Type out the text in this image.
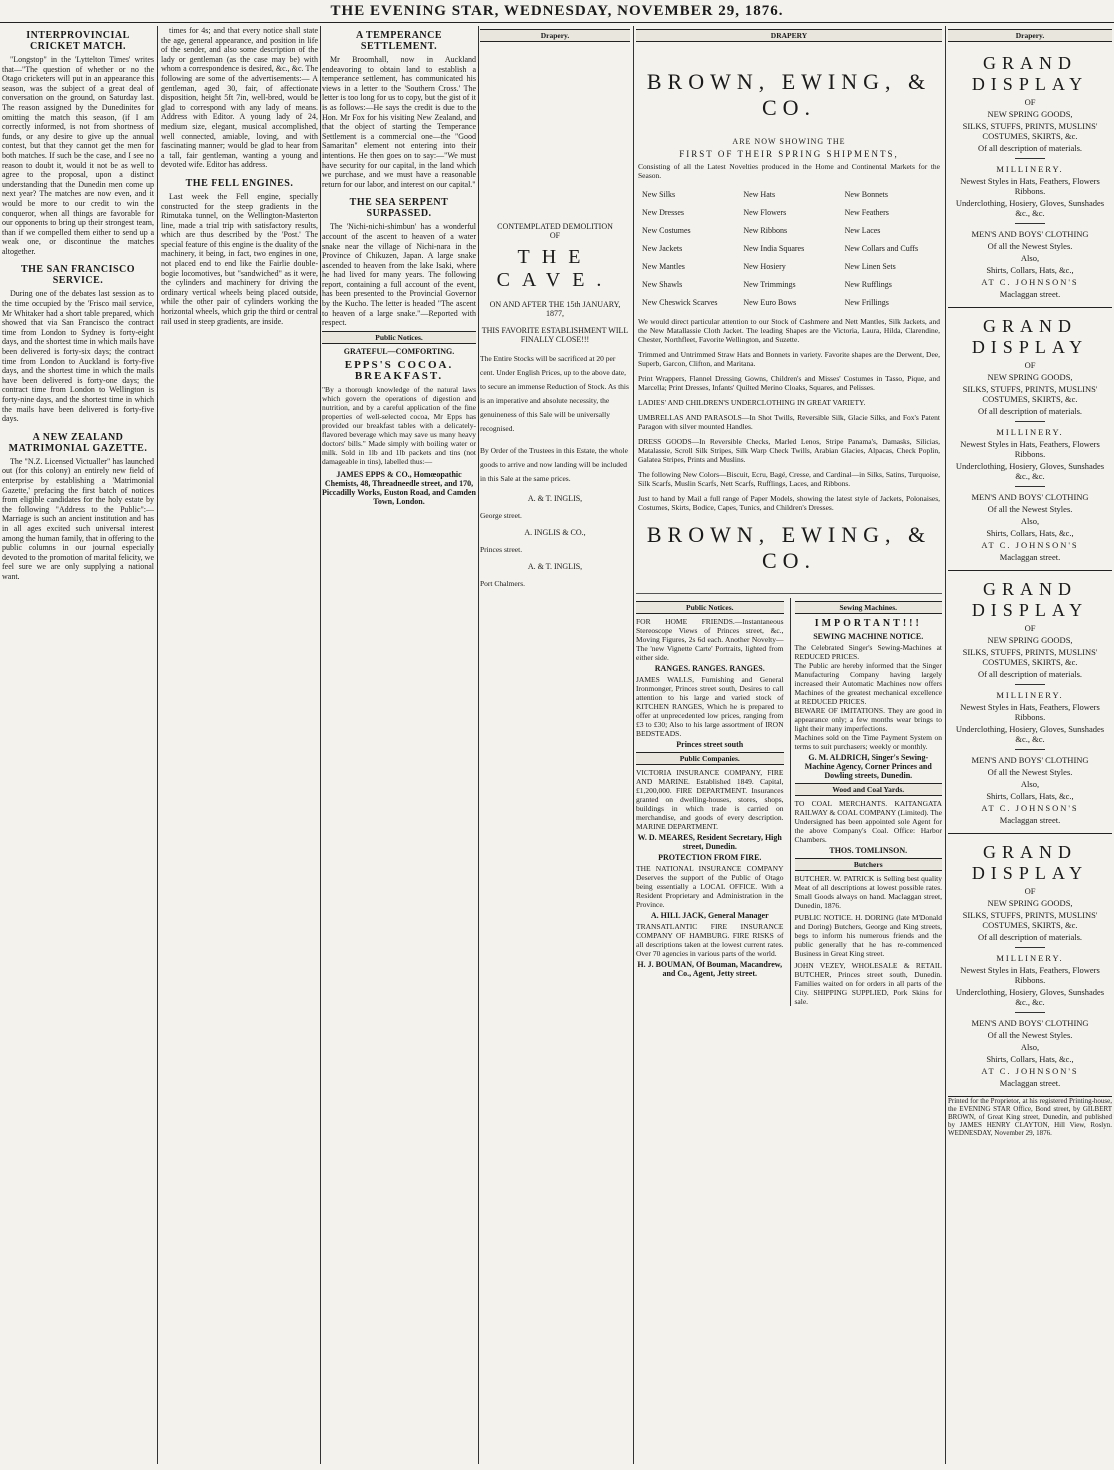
THE EVENING STAR, WEDNESDAY, NOVEMBER 29, 1876.
INTERPROVINCIAL CRICKET MATCH.

"Longstop" in the 'Lyttelton Times' writes that—"The question of whether or no the Otago cricketers will put in an appearance this season, was the subject of a great deal of conversation on the ground, on Saturday last. The reason assigned by the Dunedinites for omitting the match this season, (if I am correctly informed, is not from shortness of funds, or any desire to give up the annual contest, but that they cannot get the men for both matches. If such be the case, and I see no reason to doubt it, would it not be as well to agree to the proposal, upon a distinct understanding that the Dunedin men come up next year? The matches are now even, and it would be more to our credit to win the conqueror, when all things are favorable for our opponents to bring up their strongest team, than if we compelled them either to send up a weak one, or discontinue the matches altogether.

THE SAN FRANCISCO SERVICE.

During one of the debates last session as to the time occupied by the 'Frisco mail service, Mr Whitaker had a short table prepared, which showed that via San Francisco the contract time from London to Sydney is forty-eight days, and the shortest time in which mails have been delivered is forty-six days; the contract time from London to Auckland is forty-five days, and the shortest time in which the mails have been delivered is forty-one days; the contract time from London to Wellington is forty-nine days, and the shortest time in which the mails have been delivered is forty-five days.

A NEW ZEALAND MATRIMONIAL GAZETTE.

The "N.Z. Licensed Victualler" has launched out (for this colony) an entirely new field of enterprise by establishing a 'Matrimonial Gazette,' prefacing the first batch of notices from eligible candidates for the holy estate by the following "Address to the Public":— Marriage is such an ancient institution and has in all ages excited such universal interest among the human family, that in offering to the public columns in our journal especially devoted to the promotion of marital felicity, we feel sure we are only supplying a national want.

times for 4s; and that every notice shall state the age, general appearance, and position in life of the sender, and also some description of the lady or gentleman (as the case may be) with whom a correspondence is desired, &c., &c. The following are some of the advertisements:— A gentleman, aged 30, fair, of affectionate disposition, height 5ft 7in, well-bred, would be glad to correspond with any lady of means. Address with Editor. A young lady of 24, medium size, elegant, musical accomplished, well connected, amiable, loving, and with fascinating manner; would be glad to hear from a tall, fair gentleman, wanting a young and devoted wife. Editor has address.

THE FELL ENGINES.

Last week the Fell engine, specially constructed for the steep gradients in the Rimutaka tunnel, on the Wellington-Masterton line, made a trial trip with satisfactory results, which are thus described by the 'Post.' The special feature of this engine is the duality of the machinery, it being, in fact, two engines in one, not placed end to end like the Fairlie double-bogie locomotives, but "sandwiched" as it were, the cylinders and machinery for driving the ordinary vertical wheels being placed outside, while the other pair of cylinders working the horizontal wheels, which grip the third or central rail used in steep gradients, are inside.

A TEMPERANCE SETTLEMENT.

Mr Broomhall, now in Auckland endeavoring to obtain land to establish a temperance settlement, has communicated his views in a letter to the 'Southern Cross.' The letter is too long for us to copy, but the gist of it is as follows:—He says the credit is due to the Hon. Mr Fox for his visiting New Zealand, and that the object of starting the Temperance Settlement is a commercial one—the "Good Samaritan" element not entering into their intentions. He then goes on to say:—"We must have security for our capital, in the land which we purchase, and we must have a reasonable return for our labor, and interest on our capital."

THE SEA SERPENT SURPASSED.

The 'Nichi-nichi-shimbun' has a wonderful account of the ascent to heaven of a water snake near the village of Nichi-nara in the Province of Chikuzen, Japan. A large snake ascended to heaven from the lake Isaki, where he had lived for many years. The following report, containing a full account of the event, has been presented to the Provincial Governor by the Kucho. The letter is headed "The ascent to heaven of a large snake."—Reported with respect.

Public Notices.
GRATEFUL—COMFORTING.
EPPS'S COCOA. BREAKFAST.
"By a thorough knowledge of the natural laws which govern the operations of digestion and nutrition, and by a careful application of the fine properties of well-selected cocoa, Mr Epps has provided our breakfast tables with a delicately-flavored beverage which may save us many heavy doctors' bills." Made simply with boiling water or milk. Sold in 1lb and 1lb packets and tins (not damageable in tins), labelled thus:—
JAMES EPPS & CO., Homœopathic Chemists, 48, Threadneedle street, and 170, Piccadilly Works, Euston Road, and Camden Town, London.
Drapery.
CONTEMPLATED DEMOLITION
OF
THE CAVE.

ON AND AFTER THE 15th JANUARY, 1877,

THIS FAVORITE ESTABLISHMENT WILL FINALLY CLOSE!!!

The Entire Stocks will be sacrificed at 20 per cent. Under English Prices, up to the above date, to secure an immense Reduction of Stock. As this is an imperative and absolute necessity, the genuineness of this Sale will be universally recognised.

By Order of the Trustees in this Estate, the whole goods to arrive and now landing will be included in this Sale at the same prices.

A. & T. INGLIS,

George street.

A. INGLIS & CO.,

Princes street.

A. & T. INGLIS,

Port Chalmers.
DRAPERY
BROWN, EWING, & CO.
ARE NOW SHOWING THE
FIRST OF THEIR SPRING SHIPMENTS,
Consisting of all the Latest Novelties produced in the Home and Continental Markets for the Season.
New Silks	New Hats	New Bonnets
New Dresses	New Flowers	New Feathers
New Costumes	New Ribbons	New Laces
New Jackets	New India Squares	New Collars and Cuffs
New Mantles	New Hosiery	New Linen Sets
New Shawls	New Trimmings	New Rufflings
New Cheswick Scarves	New Euro Bows	New Frillings
We would direct particular attention to our Stock of Cashmere and Nett Mantles, Silk Jackets, and the New Matallassie Cloth Jacket. The leading Shapes are the Victoria, Laura, Hilda, Clarendine, Chester, Northfleet, Favorite Wellington, and Suzette.
Trimmed and Untrimmed Straw Hats and Bonnets in variety. Favorite shapes are the Derwent, Dee, Superb, Garcon, Clifton, and Maritana.
Print Wrappers, Flannel Dressing Gowns, Children's and Misses' Costumes in Tasso, Pique, and Marcella; Print Dresses, Infants' Quilted Merino Cloaks, Squares, and Pelisses.
LADIES' AND CHILDREN'S UNDERCLOTHING IN GREAT VARIETY.
UMBRELLAS AND PARASOLS—In Shot Twills, Reversible Silk, Glacie Silks, and Fox's Patent Paragon with silver mounted Handles.
DRESS GOODS—In Reversible Checks, Marled Lenos, Stripe Panama's, Damasks, Silicias, Matalassie, Scroll Silk Stripes, Silk Warp Check Twills, Arabian Glacies, Alpacas, Check Poplin, Galatea Stripes, Prints and Muslins.
The following New Colors—Biscuit, Ecru, Bagé, Cresse, and Cardinal—in Silks, Satins, Turquoise, Silk Scarfs, Muslin Scarfs, Nett Scarfs, Rufflings, Laces, and Ribbons.
Just to hand by Mail a full range of Paper Models, showing the latest style of Jackets, Polonaises, Costumes, Skirts, Bodice, Capes, Tunics, and Children's Dresses.
BROWN, EWING, & CO.
Public Notices.
FOR HOME FRIENDS.—Instantaneous Stereoscope Views of Princes street, &c., Moving Figures, 2s 6d each. Another Novelty—The 'new Vignette Carte' Portraits, lighted from either side.
RANGES. RANGES. RANGES.
JAMES WALLS, Furnishing and General Ironmonger, Princes street south, Desires to call attention to his large and varied stock of KITCHEN RANGES, Which he is prepared to offer at unprecedented low prices, ranging from £3 to £30; Also to his large assortment of IRON BEDSTEADS.
Princes street south
Public Companies.
VICTORIA INSURANCE COMPANY, FIRE AND MARINE. Established 1849. Capital, £1,200,000. FIRE DEPARTMENT. Insurances granted on dwelling-houses, stores, shops, buildings in which trade is carried on merchandise, and goods of every description. MARINE DEPARTMENT.
W. D. MEARES, Resident Secretary, High street, Dunedin.
PROTECTION FROM FIRE.
THE NATIONAL INSURANCE COMPANY Deserves the support of the Public of Otago being essentially a LOCAL OFFICE. With a Resident Proprietary and Administration in the Province.
A. HILL JACK, General Manager
TRANSATLANTIC FIRE INSURANCE COMPANY OF HAMBURG. FIRE RISKS of all descriptions taken at the lowest current rates. Over 70 agencies in various parts of the world.
H. J. BOUMAN, Of Bouman, Macandrew, and Co., Agent, Jetty street.
Sewing Machines.
IMPORTANT!!!
SEWING MACHINE NOTICE.
The Celebrated Singer's Sewing-Machines at REDUCED PRICES.
The Public are hereby informed that the Singer Manufacturing Company having largely increased their Automatic Machines now offers Machines of the greatest mechanical excellence at REDUCED PRICES.
BEWARE OF IMITATIONS. They are good in appearance only; a few months wear brings to light their many imperfections.
Machines sold on the Time Payment System on terms to suit purchasers; weekly or monthly.
G. M. ALDRICH, Singer's Sewing-Machine Agency, Corner Princes and Dowling streets, Dunedin.
Wood and Coal Yards.
TO COAL MERCHANTS. KAITANGATA RAILWAY & COAL COMPANY (Limited). The Undersigned has been appointed sole Agent for the above Company's Coal. Office: Harbor Chambers.
THOS. TOMLINSON.
Butchers
BUTCHER. W. PATRICK is Selling best quality Meat of all descriptions at lowest possible rates. Small Goods always on hand. Maclaggan street, Dunedin, 1876.
PUBLIC NOTICE. H. DORING (late M'Donald and Doring) Butchers, George and King streets, begs to inform his numerous friends and the public generally that he has re-commenced Business in Great King street.
JOHN VEZEY, WHOLESALE & RETAIL BUTCHER, Princes street south, Dunedin. Families waited on for orders in all parts of the City. SHIPPING SUPPLIED, Pork Skins for sale.
Drapery.
GRAND DISPLAY
OF
NEW SPRING GOODS,
SILKS, STUFFS, PRINTS, MUSLINS' COSTUMES, SKIRTS, &c.
Of all description of materials.
MILLINERY.
Newest Styles in Hats, Feathers, Flowers Ribbons.
Underclothing, Hosiery, Gloves, Sunshades &c., &c.
MEN'S AND BOYS' CLOTHING
Of all the Newest Styles.
Also,
Shirts, Collars, Hats, &c.,
AT C. JOHNSON'S
Maclaggan street.
GRAND DISPLAY
OF
NEW SPRING GOODS,
SILKS, STUFFS, PRINTS, MUSLINS' COSTUMES, SKIRTS, &c.
Of all description of materials.
MILLINERY.
Newest Styles in Hats, Feathers, Flowers Ribbons.
Underclothing, Hosiery, Gloves, Sunshades &c., &c.
MEN'S AND BOYS' CLOTHING
Of all the Newest Styles.
Also,
Shirts, Collars, Hats, &c.,
AT C. JOHNSON'S
Maclaggan street.
GRAND DISPLAY
OF
NEW SPRING GOODS,
SILKS, STUFFS, PRINTS, MUSLINS' COSTUMES, SKIRTS, &c.
Of all description of materials.
MILLINERY.
Newest Styles in Hats, Feathers, Flowers Ribbons.
Underclothing, Hosiery, Gloves, Sunshades &c., &c.
MEN'S AND BOYS' CLOTHING
Of all the Newest Styles.
Also,
Shirts, Collars, Hats, &c.,
AT C. JOHNSON'S
Maclaggan street.
GRAND DISPLAY
OF
NEW SPRING GOODS,
SILKS, STUFFS, PRINTS, MUSLINS' COSTUMES, SKIRTS, &c.
Of all description of materials.
MILLINERY.
Newest Styles in Hats, Feathers, Flowers Ribbons.
Underclothing, Hosiery, Gloves, Sunshades &c., &c.
MEN'S AND BOYS' CLOTHING
Of all the Newest Styles.
Also,
Shirts, Collars, Hats, &c.,
AT C. JOHNSON'S
Maclaggan street.
Printed for the Proprietor, at his registered Printing-house, the EVENING STAR Office, Bond street, by GILBERT BROWN, of Great King street, Dunedin, and published by JAMES HENRY CLAYTON, Hill View, Roslyn. WEDNESDAY, November 29, 1876.
